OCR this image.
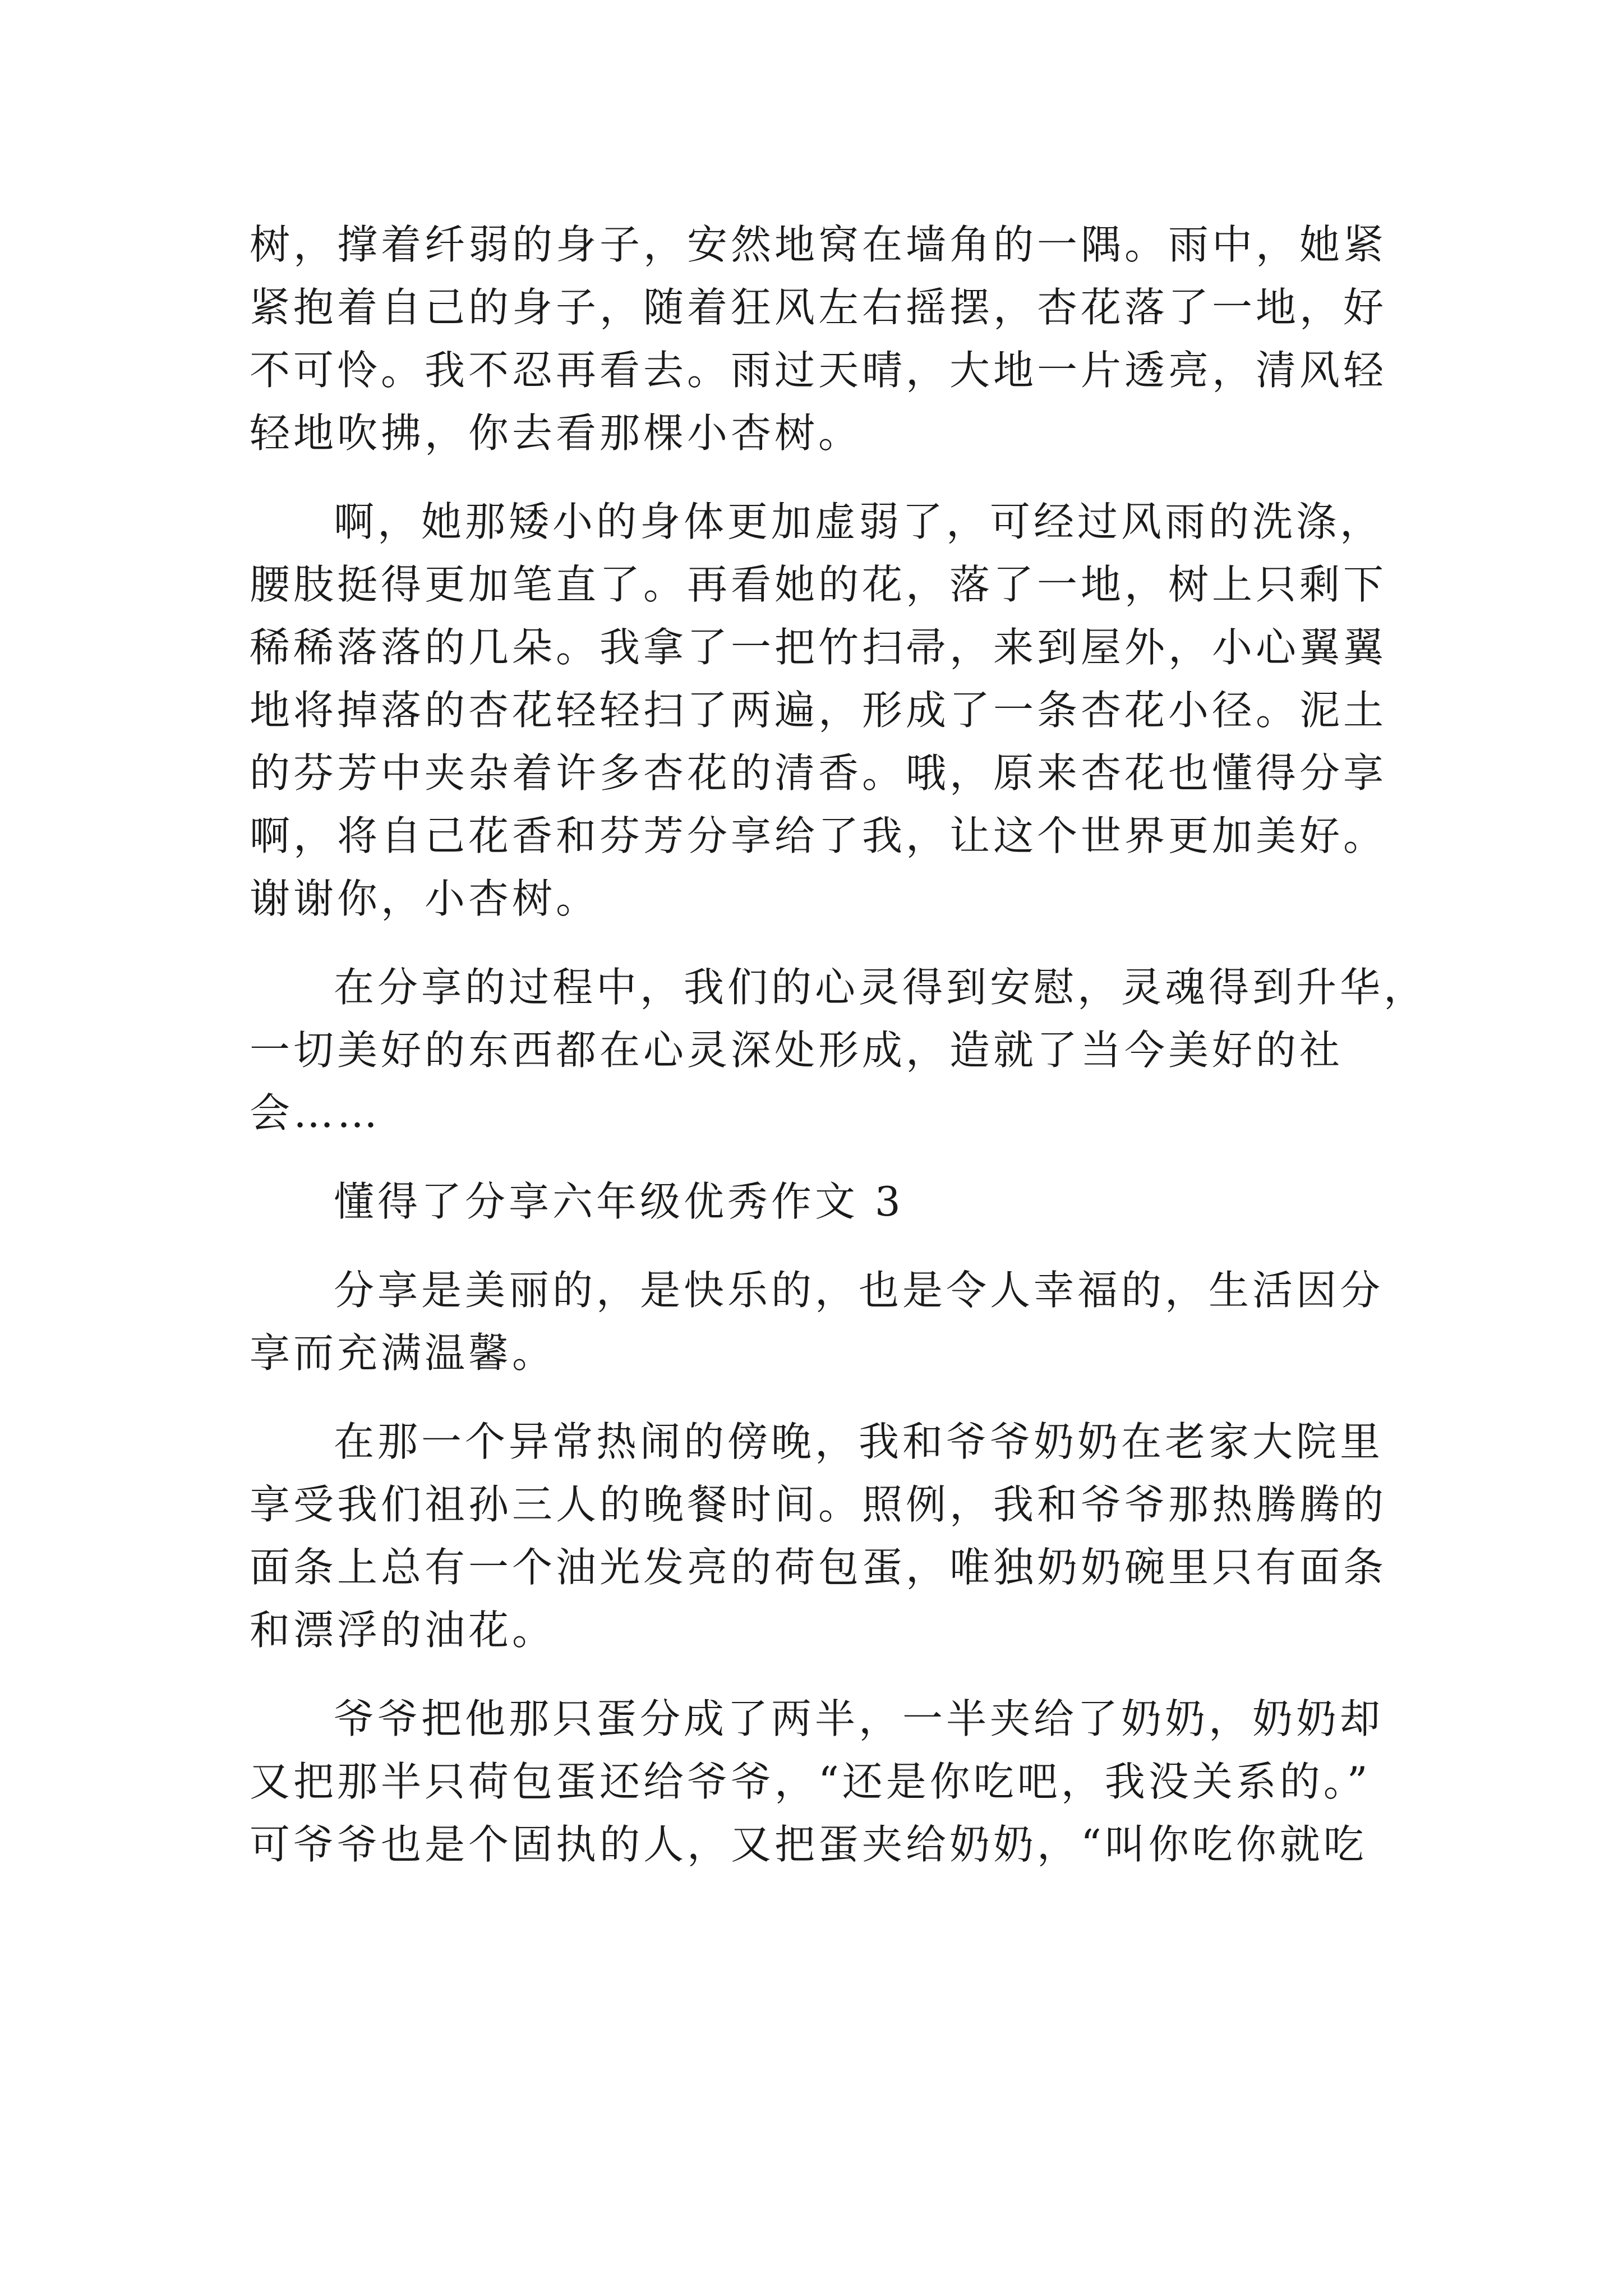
树，撑着纤弱的身子，安然地窝在墙角的一隅。雨中，她紧
紧抱着自己的身子，随着狂风左右摇摆，杏花落了一地，好
不可怜。我不忍再看去。雨过天晴，大地一片透亮，清风轻
轻地吹拂，你去看那棵小杏树。
啊，她那矮小的身体更加虚弱了，可经过风雨的洗涤，
腰肢挺得更加笔直了。再看她的花，落了一地，树上只剩下
稀稀落落的几朵。我拿了一把竹扫帚，来到屋外，小心翼翼
地将掉落的杏花轻轻扫了两遍，形成了一条杏花小径。泥土
的芬芳中夹杂着许多杏花的清香。哦，原来杏花也懂得分享
啊，将自己花香和芬芳分享给了我，让这个世界更加美好。
谢谢你，小杏树。
在分享的过程中，我们的心灵得到安慰，灵魂得到升华，
一切美好的东西都在心灵深处形成，造就了当今美好的社
会……
懂得了分享六年级优秀作文 3
分享是美丽的，是快乐的，也是令人幸福的，生活因分
享而充满温馨。
在那一个异常热闹的傍晚，我和爷爷奶奶在老家大院里
享受我们祖孙三人的晚餐时间。照例，我和爷爷那热腾腾的
面条上总有一个油光发亮的荷包蛋，唯独奶奶碗里只有面条
和漂浮的油花。
爷爷把他那只蛋分成了两半，一半夹给了奶奶，奶奶却
又把那半只荷包蛋还给爷爷，“还是你吃吧，我没关系的。”
可爷爷也是个固执的人，又把蛋夹给奶奶，“叫你吃你就吃
